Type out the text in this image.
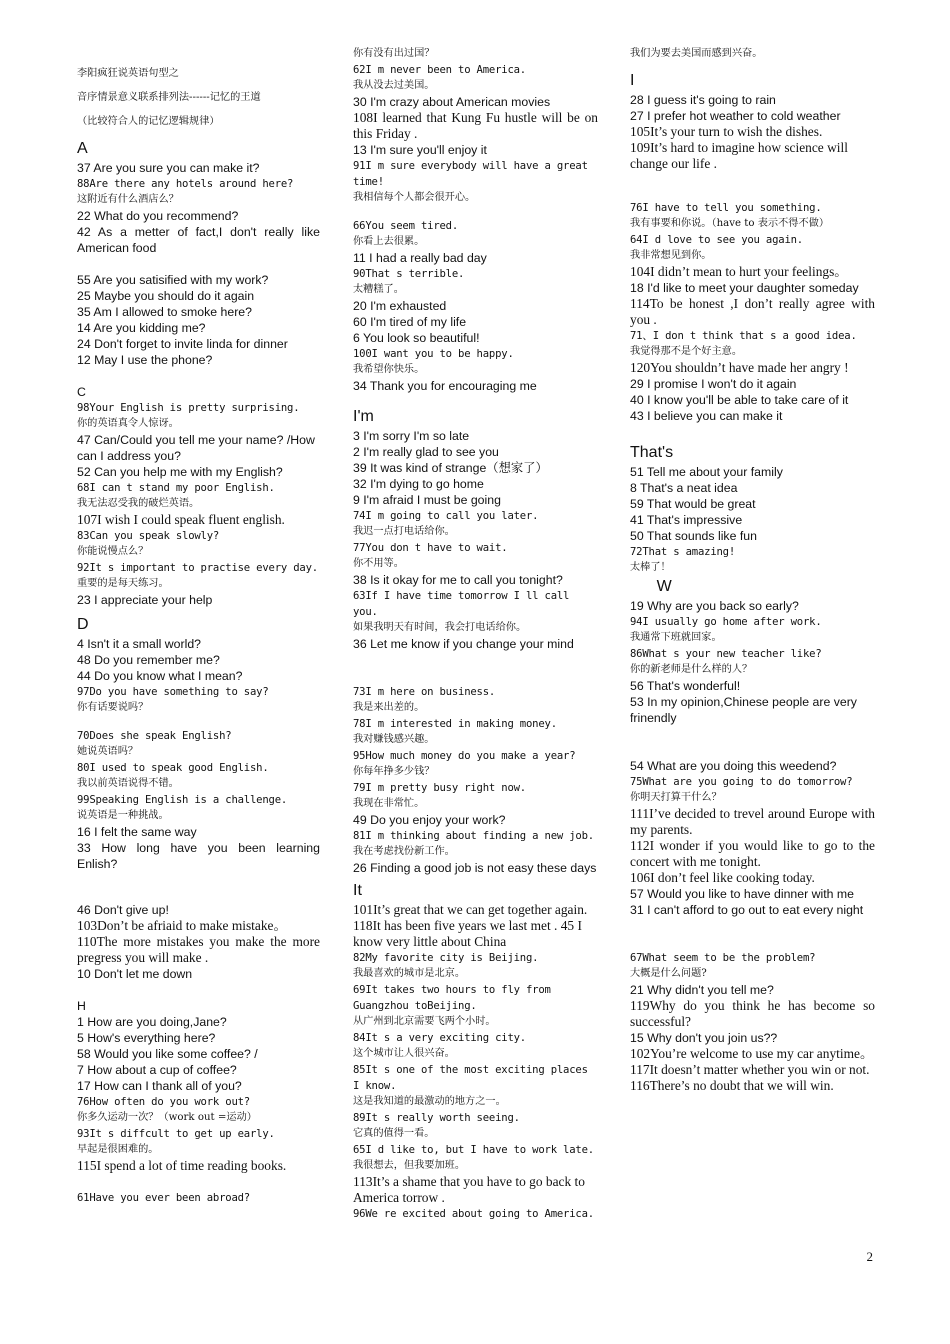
李阳疯狂说英语句型之
音序情景意义联系排列法------记忆的王道
（比较符合人的记忆逻辑规律）
A
37 Are you sure you can make it?
88Are there any hotels around here?
这附近有什么酒店么？
22 What do you recommend?
42 As a metter of fact,I don't really like American food
55 Are you satisified with my work?
25 Maybe you should do it again
35 Am I allowed to smoke here?
14 Are you kidding me?
24 Don't forget to invite linda for dinner
12 May I use the phone?
C
98Your English is pretty surprising.
你的英语真令人惊讶。
47 Can/Could you tell me your name? /How can I address you?
52 Can you help me with my English?
68I can t stand my poor English.
我无法忍受我的破烂英语。
107I wish I could speak fluent english.
83Can you speak slowly?
你能说慢点么？
92It s important to practise every day.
重要的是每天练习。
23 I appreciate your help
D
4 Isn't it a small world?
48 Do you remember me?
44 Do you know what I mean?
97Do you have something to say?
你有话要说吗？
70Does she speak English?
她说英语吗？
80I used to speak good English.
我以前英语说得不错。
99Speaking English is a challenge.
说英语是一种挑战。
16 I felt the same way
33 How long have you been learning Enlish?
46 Don't give up!
103Don’t be afriaid to make mistake。
110The more mistakes you make the more pregress you will make .
10 Don't let me down
H
1 How are you doing,Jane?
5 How's everything here?
58 Would you like some coffee? /
7 How about a cup of coffee?
17 How can I thank all of you?
76How often do you work out?
你多久运动一次？（work out =运动）
93It s diffcult to get up early.
早起是很困难的。
115I spend a lot of time reading books.
61Have you ever been abroad?
你有没有出过国？
62I m never been to America.
我从没去过美国。
30 I'm crazy about American movies
108I learned that Kung Fu hustle will be on this Friday .
13 I'm sure you'll enjoy it
91I m sure everybody will have a great time!
我相信每个人都会很开心。
66You seem tired.
你看上去很累。
11 I had a really bad day
90That s terrible.
太糟糕了。
20 I'm exhausted
60 I'm tired of my life
6 You look so beautiful!
100I want you to be happy.
我希望你快乐。
34 Thank you for encouraging me
I'm
3 I'm sorry I'm so late
2 I'm really glad to see you
39 It was kind of strange（想家了）
32 I'm dying to go home
9 I'm afraid I must be going
74I m going to call you later.
我迟一点打电话给你。
77You don t have to wait.
你不用等。
38 Is it okay for me to call you tonight?
63If I have time tomorrow I ll call you.
如果我明天有时间，我会打电话给你。
36 Let me know if you change your mind
73I m here on business.
我是来出差的。
78I m interested in making money.
我对赚钱感兴趣。
95How much money do you make a year?
你每年挣多少钱？
79I m pretty busy right now.
我现在非常忙。
49 Do you enjoy your work?
81I m thinking about finding a new job.
我在考虑找份新工作。
26 Finding a good job is not easy these days
It
101It’s great that we can get together again.
118It has been five years we last met . 45 I know very little about China
82My favorite city is Beijing.
我最喜欢的城市是北京。
69It takes two hours to fly from Guangzhou toBeijing.
从广州到北京需要飞两个小时。
84It s a very exciting city.
这个城市让人很兴奋。
85It s one of the most exciting places I know.
这是我知道的最激动的地方之一。
89It s really worth seeing.
它真的值得一看。
65I d like to, but I have to work late.
我很想去，但我要加班。
113It’s a shame that you have to go back to America torrow .
96We re excited about going to America.
我们为要去美国而感到兴奋。
I
28 I guess it's going to rain
27 I prefer hot weather to cold weather
105It’s your turn to wish the dishes.
109It’s hard to imagine how science will change our life .
76I have to tell you something.
我有事要和你说。（have to 表示不得不做）
64I d love to see you again.
我非常想见到你。
104I didn’t mean to hurt your feelings。
18 I'd like to meet your daughter someday
114To be honest ,I don’t really agree with you .
71、I don t think that s a good idea.
我觉得那不是个好主意。
120You shouldn’t have made her angry !
29 I promise I won't do it again
40 I know you'll be able to take care of it
43 I believe you can make it
That's
51 Tell me about your family
8 That's a neat idea
59 That would be great
41 That's impressive
50 That sounds like fun
72That s amazing!
太棒了！
W
19 Why are you back so early?
94I usually go home after work.
我通常下班就回家。
86What s your new teacher like?
你的新老师是什么样的人？
56 That's wonderful!
53 In my opinion,Chinese people are very frinendly
54 What are you doing this weedend?
75What are you going to do tomorrow?
你明天打算干什么？
111I’ve decided to trevel around Europe with my parents.
112I wonder if you would like to go to the concert with me tonight.
106I don’t feel like cooking today.
57 Would you like to have dinner with me
31 I can't afford to go out to eat every night
67What seem to be the problem?
大概是什么问题?
21 Why didn't you tell me?
119Why do you think he has become so successful?
15 Why don't you join us??
102You’re welcome to use my car anytime。
117It doesn’t matter whether you win or not.
116There’s no doubt that we will win.
2
